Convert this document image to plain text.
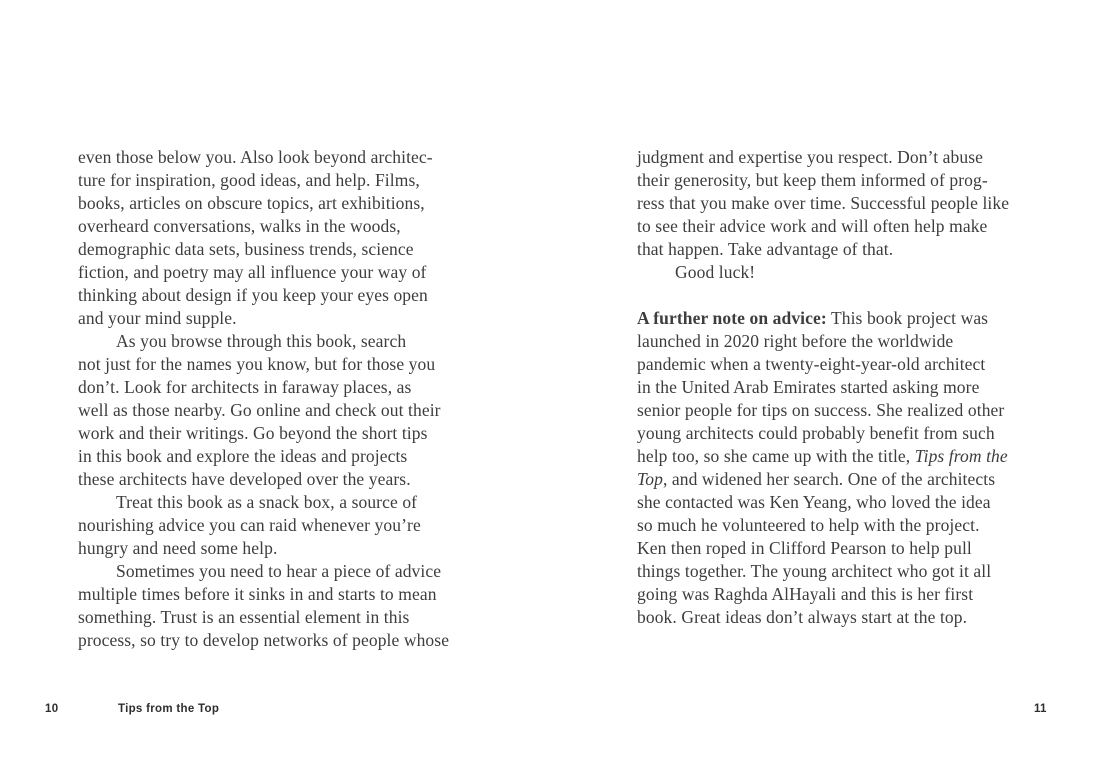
even those below you. Also look beyond architec-
ture for inspiration, good ideas, and help. Films,
books, articles on obscure topics, art exhibitions,
overheard conversations, walks in the woods,
demographic data sets, business trends, science
fiction, and poetry may all influence your way of
thinking about design if you keep your eyes open
and your mind supple.
As you browse through this book, search
not just for the names you know, but for those you
don’t. Look for architects in faraway places, as
well as those nearby. Go online and check out their
work and their writings. Go beyond the short tips
in this book and explore the ideas and projects
these architects have developed over the years.
Treat this book as a snack box, a source of
nourishing advice you can raid whenever you’re
hungry and need some help.
Sometimes you need to hear a piece of advice
multiple times before it sinks in and starts to mean
something. Trust is an essential element in this
process, so try to develop networks of people whose
judgment and expertise you respect. Don’t abuse
their generosity, but keep them informed of prog-
ress that you make over time. Successful people like
to see their advice work and will often help make
that happen. Take advantage of that.
Good luck!
A further note on advice: This book project was
launched in 2020 right before the worldwide
pandemic when a twenty-eight-year-old architect
in the United Arab Emirates started asking more
senior people for tips on success. She realized other
young architects could probably benefit from such
help too, so she came up with the title, Tips from the
Top, and widened her search. One of the architects
she contacted was Ken Yeang, who loved the idea
so much he volunteered to help with the project.
Ken then roped in Clifford Pearson to help pull
things together. The young architect who got it all
going was Raghda AlHayali and this is her first
book. Great ideas don’t always start at the top.
10	Tips from the Top	11
